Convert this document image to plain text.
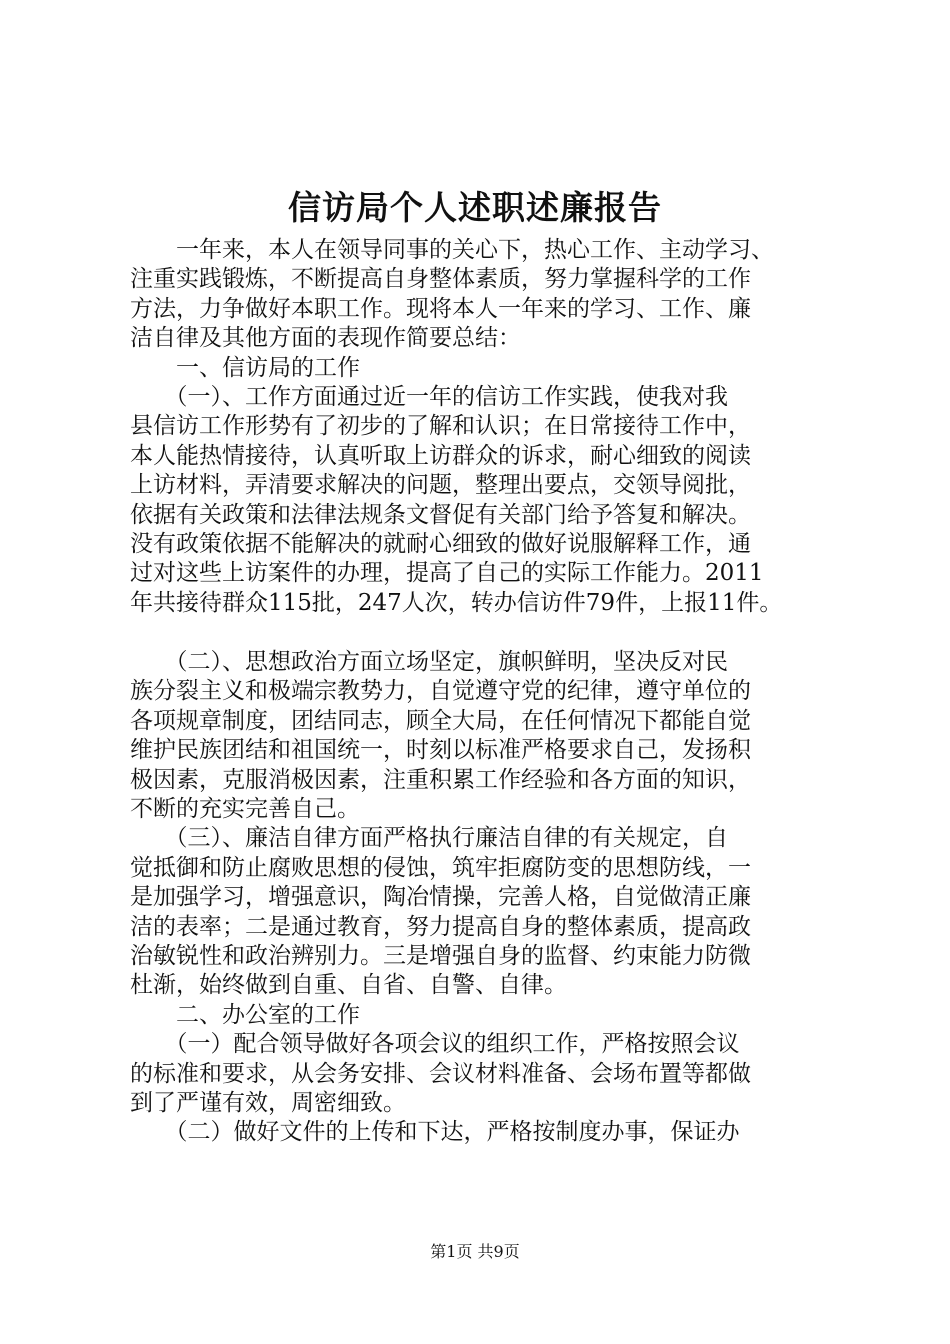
信访局个人述职述廉报告
　　一年来，本人在领导同事的关心下，热心工作、主动学习、
注重实践锻炼，不断提高自身整体素质，努力掌握科学的工作
方法，力争做好本职工作。现将本人一年来的学习、工作、廉
洁自律及其他方面的表现作简要总结：
　　一、信访局的工作
　　（一）、工作方面通过近一年的信访工作实践，使我对我
县信访工作形势有了初步的了解和认识；在日常接待工作中，
本人能热情接待，认真听取上访群众的诉求，耐心细致的阅读
上访材料，弄清要求解决的问题，整理出要点，交领导阅批，
依据有关政策和法律法规条文督促有关部门给予答复和解决。
没有政策依据不能解决的就耐心细致的做好说服解释工作，通
过对这些上访案件的办理，提高了自己的实际工作能力。2011
年共接待群众115批，247人次，转办信访件79件，上报11件。
　　（二）、思想政治方面立场坚定，旗帜鲜明，坚决反对民
族分裂主义和极端宗教势力，自觉遵守党的纪律，遵守单位的
各项规章制度，团结同志，顾全大局，在任何情况下都能自觉
维护民族团结和祖国统一，时刻以标准严格要求自己，发扬积
极因素，克服消极因素，注重积累工作经验和各方面的知识，
不断的充实完善自己。
　　（三）、廉洁自律方面严格执行廉洁自律的有关规定，自
觉抵御和防止腐败思想的侵蚀，筑牢拒腐防变的思想防线，一
是加强学习，增强意识，陶冶情操，完善人格，自觉做清正廉
洁的表率；二是通过教育，努力提高自身的整体素质，提高政
治敏锐性和政治辨别力。三是增强自身的监督、约束能力防微
杜渐，始终做到自重、自省、自警、自律。
　　二、办公室的工作
　　（一）配合领导做好各项会议的组织工作，严格按照会议
的标准和要求，从会务安排、会议材料准备、会场布置等都做
到了严谨有效，周密细致。
　　（二）做好文件的上传和下达，严格按制度办事，保证办
第1页 共9页
